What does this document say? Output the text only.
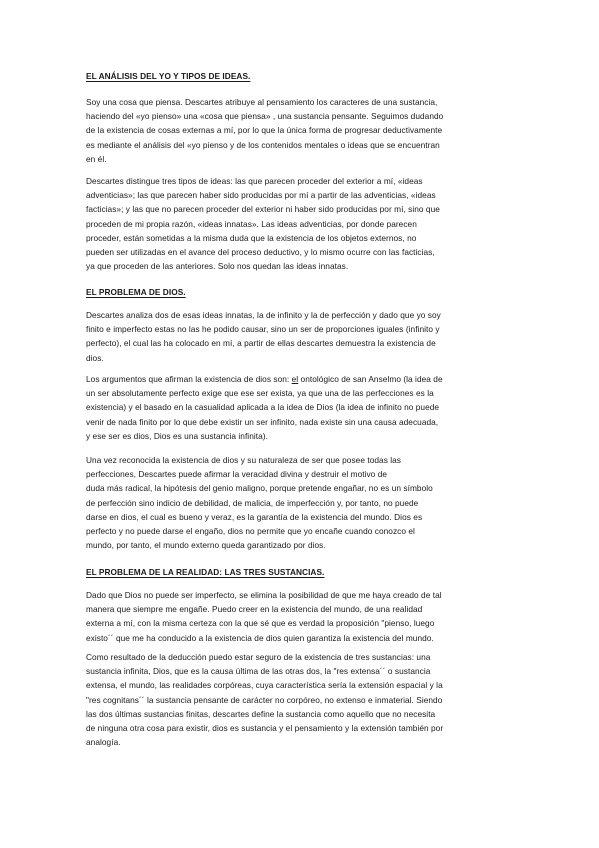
EL ANÁLISIS DEL YO Y TIPOS DE IDEAS.
Soy una cosa que piensa. Descartes atribuye al pensamiento los caracteres de una sustancia,
haciendo del «yo pienso» una «cosa que piensa» , una sustancia pensante. Seguimos dudando
de la existencia de cosas externas a mí, por lo que la única forma de progresar deductivamente
es mediante el análisis del «yo pienso y de los contenidos mentales o ideas que se encuentran
en él.
Descartes distingue tres tipos de ideas: las que parecen proceder del exterior a mí, «ideas
adventicias»; las que parecen haber sido producidas por mí a partir de las adventicias, «ideas
facticias»; y las que no parecen proceder del exterior ni haber sido producidas por mí, sino que
proceden de mi propia razón, «ideas innatas». Las ideas adventicias, por donde parecen
proceder, están sometidas a la misma duda que la existencia de los objetos externos, no
pueden ser utilizadas en el avance del proceso deductivo, y lo mismo ocurre con las facticias,
ya que proceden de las anteriores. Solo nos quedan las ideas innatas.
EL PROBLEMA DE DIOS.
Descartes analiza dos de esas ideas innatas, la de infinito y la de perfección y dado que yo soy
finito e imperfecto estas no las he podido causar, sino un ser de proporciones iguales (infinito y
perfecto), el cual las ha colocado en mí, a partir de ellas descartes demuestra la existencia de
dios.
Los argumentos que afirman la existencia de dios son: el ontológico de san Anselmo (la idea de
un ser absolutamente perfecto exige que ese ser exista, ya que una de las perfecciones es la
existencia) y el basado en la casualidad aplicada a la idea de Dios (la idea de infinito no puede
venir de nada finito por lo que debe existir un ser infinito, nada existe sin una causa adecuada,
y ese ser es dios, Dios es una sustancia infinita).
Una vez reconocida la existencia de dios y su naturaleza de ser que posee todas las
perfecciones, Descartes puede afirmar la veracidad divina y destruir el motivo de
duda más radical, la hipótesis del genio maligno, porque pretende engañar, no es un símbolo
de perfección sino indicio de debilidad, de malicia, de imperfección y, por tanto, no puede
darse en dios, el cual es bueno y veraz, es la garantía de la existencia del mundo. Dios es
perfecto y no puede darse el engaño, dios no permite que yo encañe cuando conozco el
mundo, por tanto, el mundo externo queda garantizado por dios.
EL PROBLEMA DE LA REALIDAD: LAS TRES SUSTANCIAS.
Dado que Dios no puede ser imperfecto, se elimina la posibilidad de que me haya creado de tal
manera que siempre me engañe. Puedo creer en la existencia del mundo, de una realidad
externa a mí, con la misma certeza con la que sé que es verdad la proposición "pienso, luego
existo´´ que me ha conducido a la existencia de dios quien garantiza la existencia del mundo.
Como resultado de la deducción puedo estar seguro de la existencia de tres sustancias: una
sustancia infinita, Dios, que es la causa última de las otras dos, la "res extensa´´ o sustancia
extensa, el mundo, las realidades corpóreas, cuya característica sería la extensión espacial y la
"res cognitans´´ la sustancia pensante de carácter no corpóreo, no extenso e inmaterial. Siendo
las dos últimas sustancias finitas, descartes define la sustancia como aquello que no necesita
de ninguna otra cosa para existir, dios es sustancia y el pensamiento y la extensión también por
analogía.
